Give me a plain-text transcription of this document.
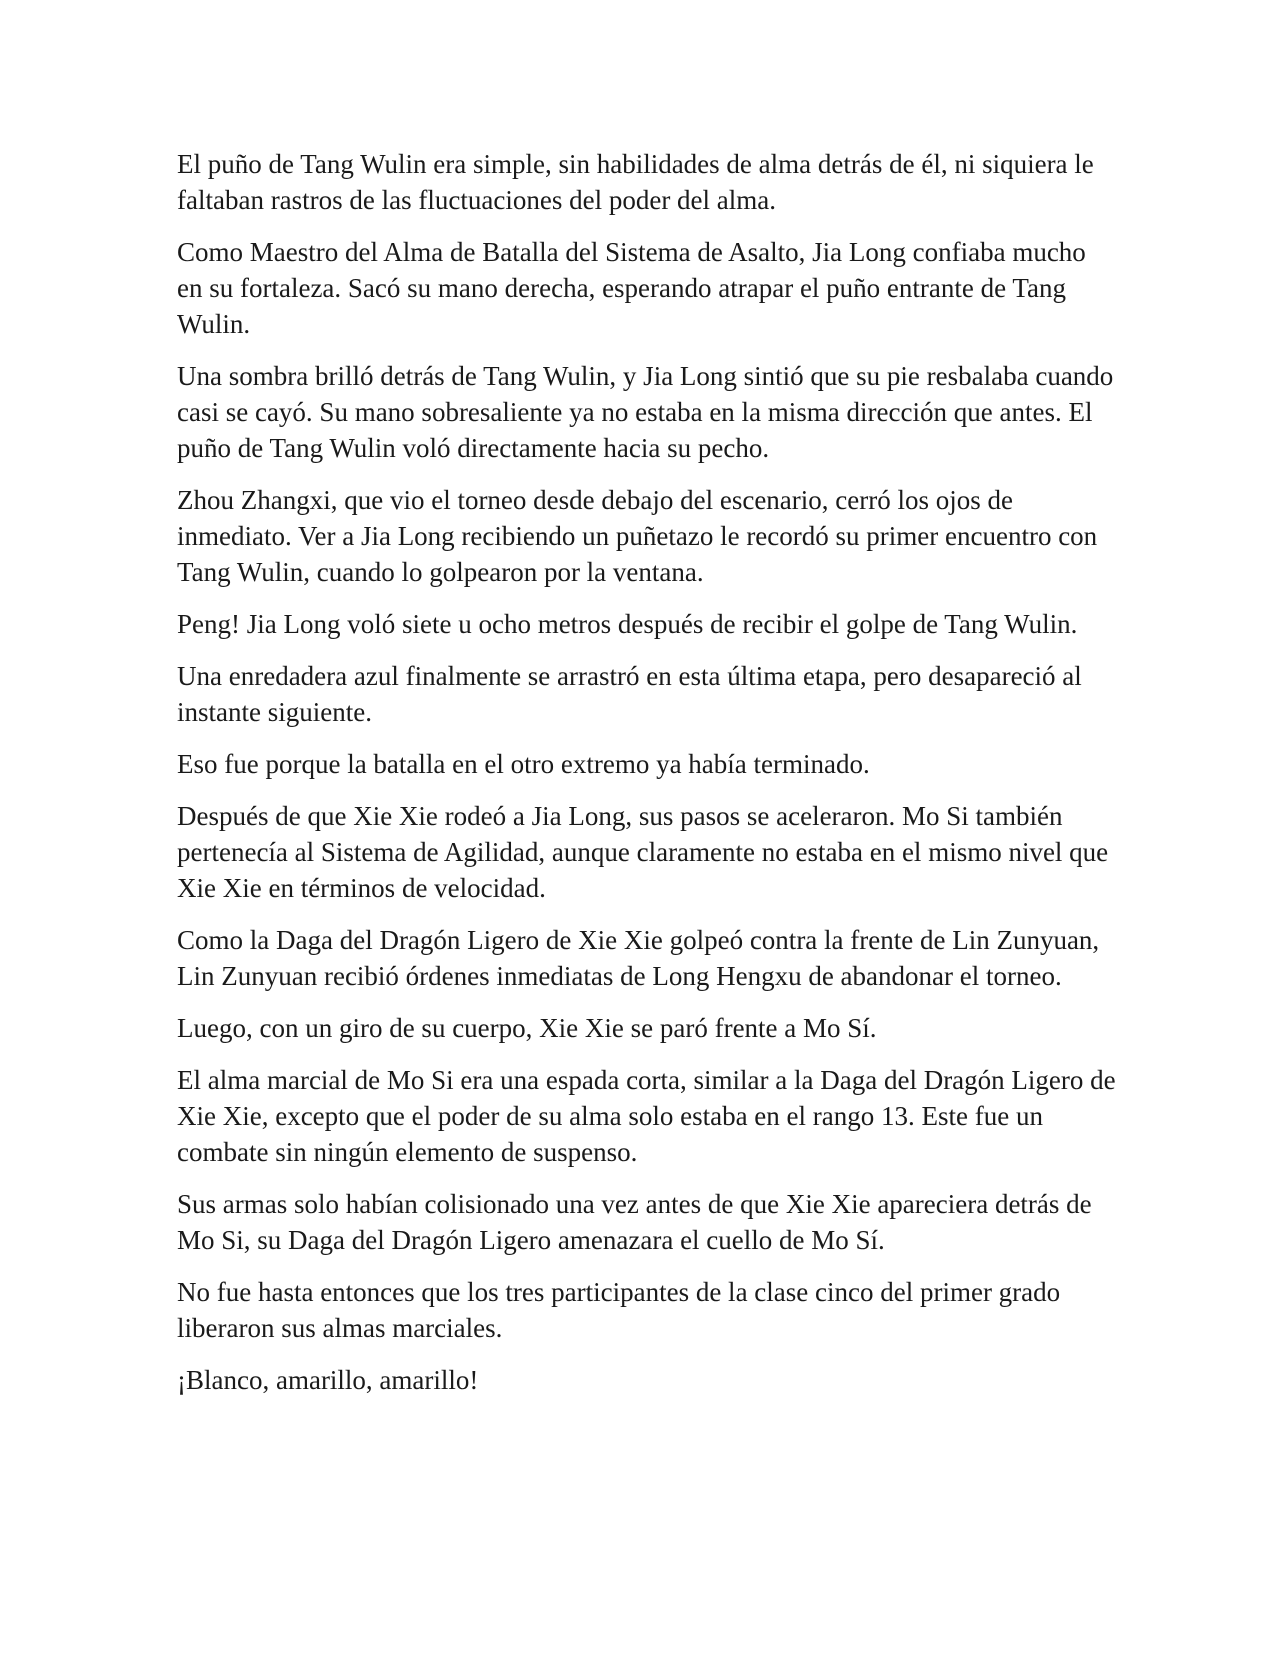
El puño de Tang Wulin era simple, sin habilidades de alma detrás de él, ni siquiera le faltaban rastros de las fluctuaciones del poder del alma.

Como Maestro del Alma de Batalla del Sistema de Asalto, Jia Long confiaba mucho en su fortaleza. Sacó su mano derecha, esperando atrapar el puño entrante de Tang Wulin.

Una sombra brilló detrás de Tang Wulin, y Jia Long sintió que su pie resbalaba cuando casi se cayó. Su mano sobresaliente ya no estaba en la misma dirección que antes. El puño de Tang Wulin voló directamente hacia su pecho.

Zhou Zhangxi, que vio el torneo desde debajo del escenario, cerró los ojos de inmediato. Ver a Jia Long recibiendo un puñetazo le recordó su primer encuentro con Tang Wulin, cuando lo golpearon por la ventana.

Peng! Jia Long voló siete u ocho metros después de recibir el golpe de Tang Wulin.

Una enredadera azul finalmente se arrastró en esta última etapa, pero desapareció al instante siguiente.

Eso fue porque la batalla en el otro extremo ya había terminado.

Después de que Xie Xie rodeó a Jia Long, sus pasos se aceleraron. Mo Si también pertenecía al Sistema de Agilidad, aunque claramente no estaba en el mismo nivel que Xie Xie en términos de velocidad.

Como la Daga del Dragón Ligero de Xie Xie golpeó contra la frente de Lin Zunyuan, Lin Zunyuan recibió órdenes inmediatas de Long Hengxu de abandonar el torneo.

Luego, con un giro de su cuerpo, Xie Xie se paró frente a Mo Sí.

El alma marcial de Mo Si era una espada corta, similar a la Daga del Dragón Ligero de Xie Xie, excepto que el poder de su alma solo estaba en el rango 13. Este fue un combate sin ningún elemento de suspenso.

Sus armas solo habían colisionado una vez antes de que Xie Xie apareciera detrás de Mo Si, su Daga del Dragón Ligero amenazara el cuello de Mo Sí.

No fue hasta entonces que los tres participantes de la clase cinco del primer grado liberaron sus almas marciales.

¡Blanco, amarillo, amarillo!
